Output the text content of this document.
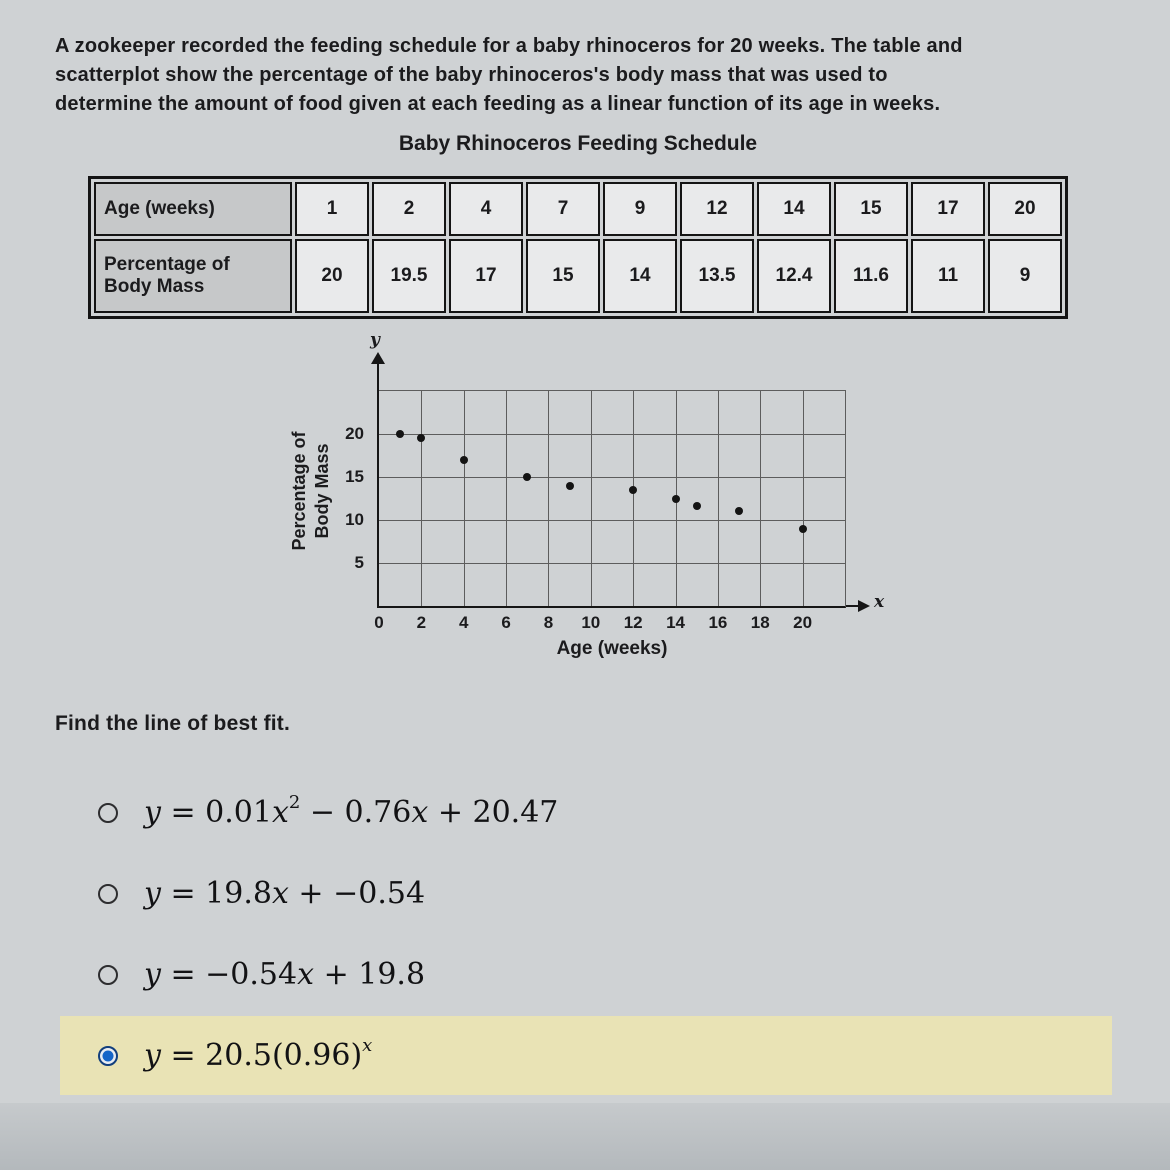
A zookeeper recorded the feeding schedule for a baby rhinoceros for 20 weeks. The table and
scatterplot show the percentage of the baby rhinoceros's body mass that was used to
determine the amount of food given at each feeding as a linear function of its age in weeks.

Baby Rhinoceros Feeding Schedule
Age (weeks)	1	2	4	7	9	12	14	15	17	20
Percentage of Body Mass	20	19.5	17	15	14	13.5	12.4	11.6	11	9
Percentage of Body Mass
5
10
15
20
0 2 4 6 8 10 12 14 16 18 20
Age (weeks)
y
x

Find the line of best fit.

$y = 0.01x^2 - 0.76x + 20.47$
y = 19.8x + −0.54
y = −0.54x + 19.8
$y = 20.5(0.96)^x$
